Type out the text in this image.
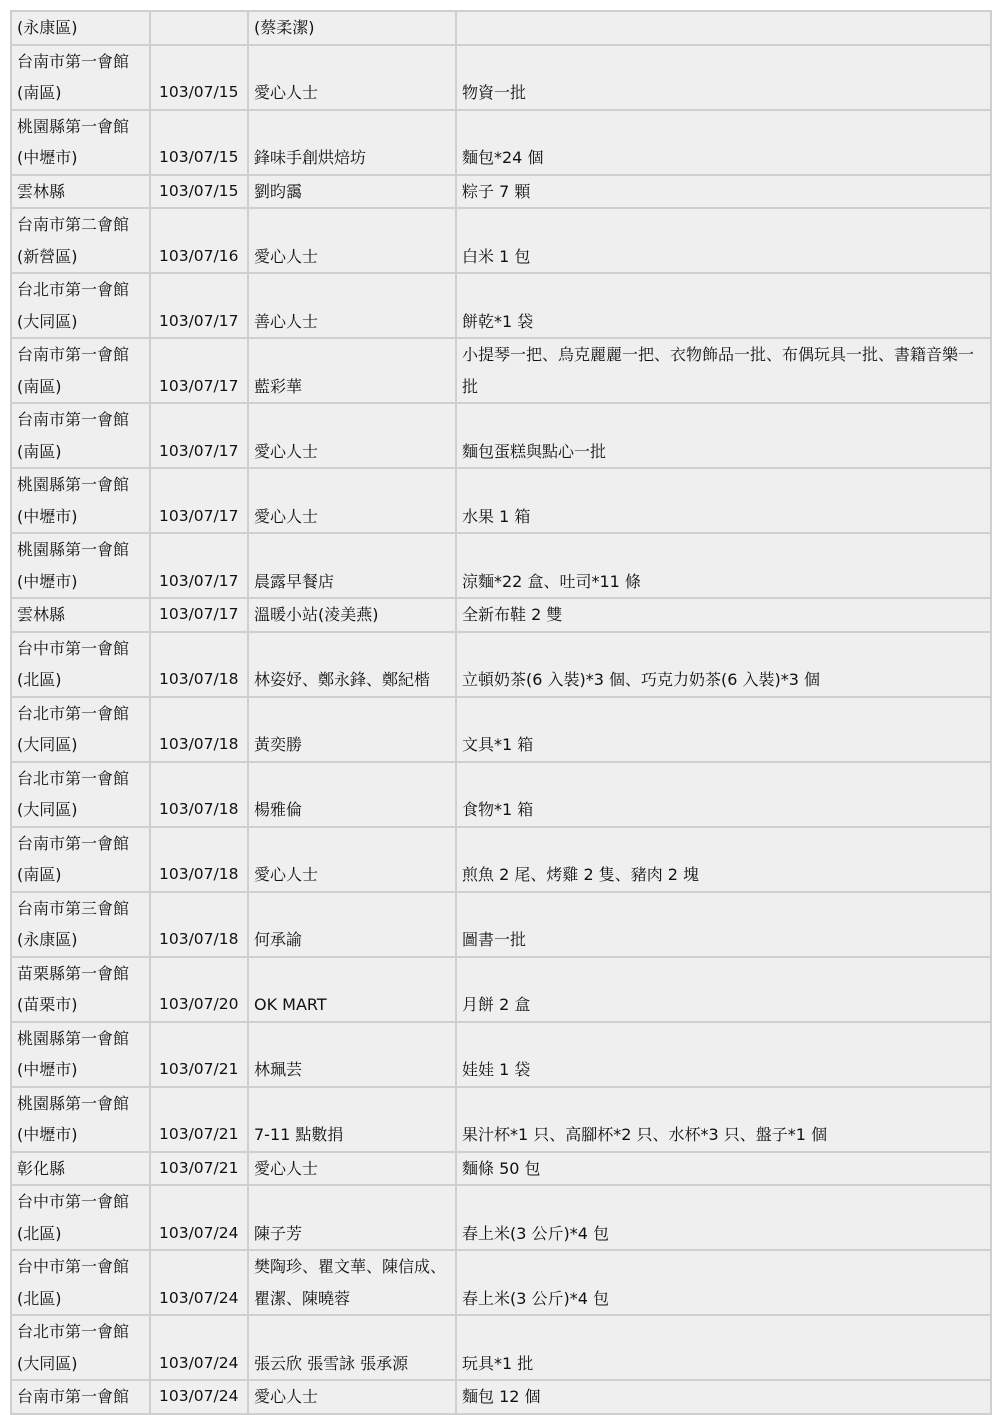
(永康區)		(蔡柔潔)	
台南市第一會館
(南區)	103/07/15	愛心人士	物資一批
桃園縣第一會館
(中壢市)	103/07/15	鋒味手創烘焙坊	麵包*24 個
雲林縣	103/07/15	劉昀靄	粽子 7 顆
台南市第二會館
(新營區)	103/07/16	愛心人士	白米 1 包
台北市第一會館
(大同區)	103/07/17	善心人士	餅乾*1 袋
台南市第一會館
(南區)	103/07/17	藍彩華	小提琴一把、烏克麗麗一把、衣物飾品一批、布偶玩具一批、書籍音樂一批
台南市第一會館
(南區)	103/07/17	愛心人士	麵包蛋糕與點心一批
桃園縣第一會館
(中壢市)	103/07/17	愛心人士	水果 1 箱
桃園縣第一會館
(中壢市)	103/07/17	晨露早餐店	涼麵*22 盒、吐司*11 條
雲林縣	103/07/17	溫暖小站(淩美燕)	全新布鞋 2 雙
台中市第一會館
(北區)	103/07/18	林姿妤、鄭永鋒、鄭紀楷	立頓奶茶(6 入裝)*3 個、巧克力奶茶(6 入裝)*3 個
台北市第一會館
(大同區)	103/07/18	黃奕勝	文具*1 箱
台北市第一會館
(大同區)	103/07/18	楊雅倫	食物*1 箱
台南市第一會館
(南區)	103/07/18	愛心人士	煎魚 2 尾、烤雞 2 隻、豬肉 2 塊
台南市第三會館
(永康區)	103/07/18	何承諭	圖書一批
苗栗縣第一會館
(苗栗市)	103/07/20	OK MART	月餅 2 盒
桃園縣第一會館
(中壢市)	103/07/21	林珮芸	娃娃 1 袋
桃園縣第一會館
(中壢市)	103/07/21	7-11 點數捐	果汁杯*1 只、高腳杯*2 只、水杯*3 只、盤子*1 個
彰化縣	103/07/21	愛心人士	麵條 50 包
台中市第一會館
(北區)	103/07/24	陳子芳	春上米(3 公斤)*4 包
台中市第一會館
(北區)	103/07/24	樊陶珍、瞿文華、陳信成、
瞿潔、陳曉蓉	春上米(3 公斤)*4 包
台北市第一會館
(大同區)	103/07/24	張云欣 張雪詠 張承源	玩具*1 批
台南市第一會館	103/07/24	愛心人士	麵包 12 個
